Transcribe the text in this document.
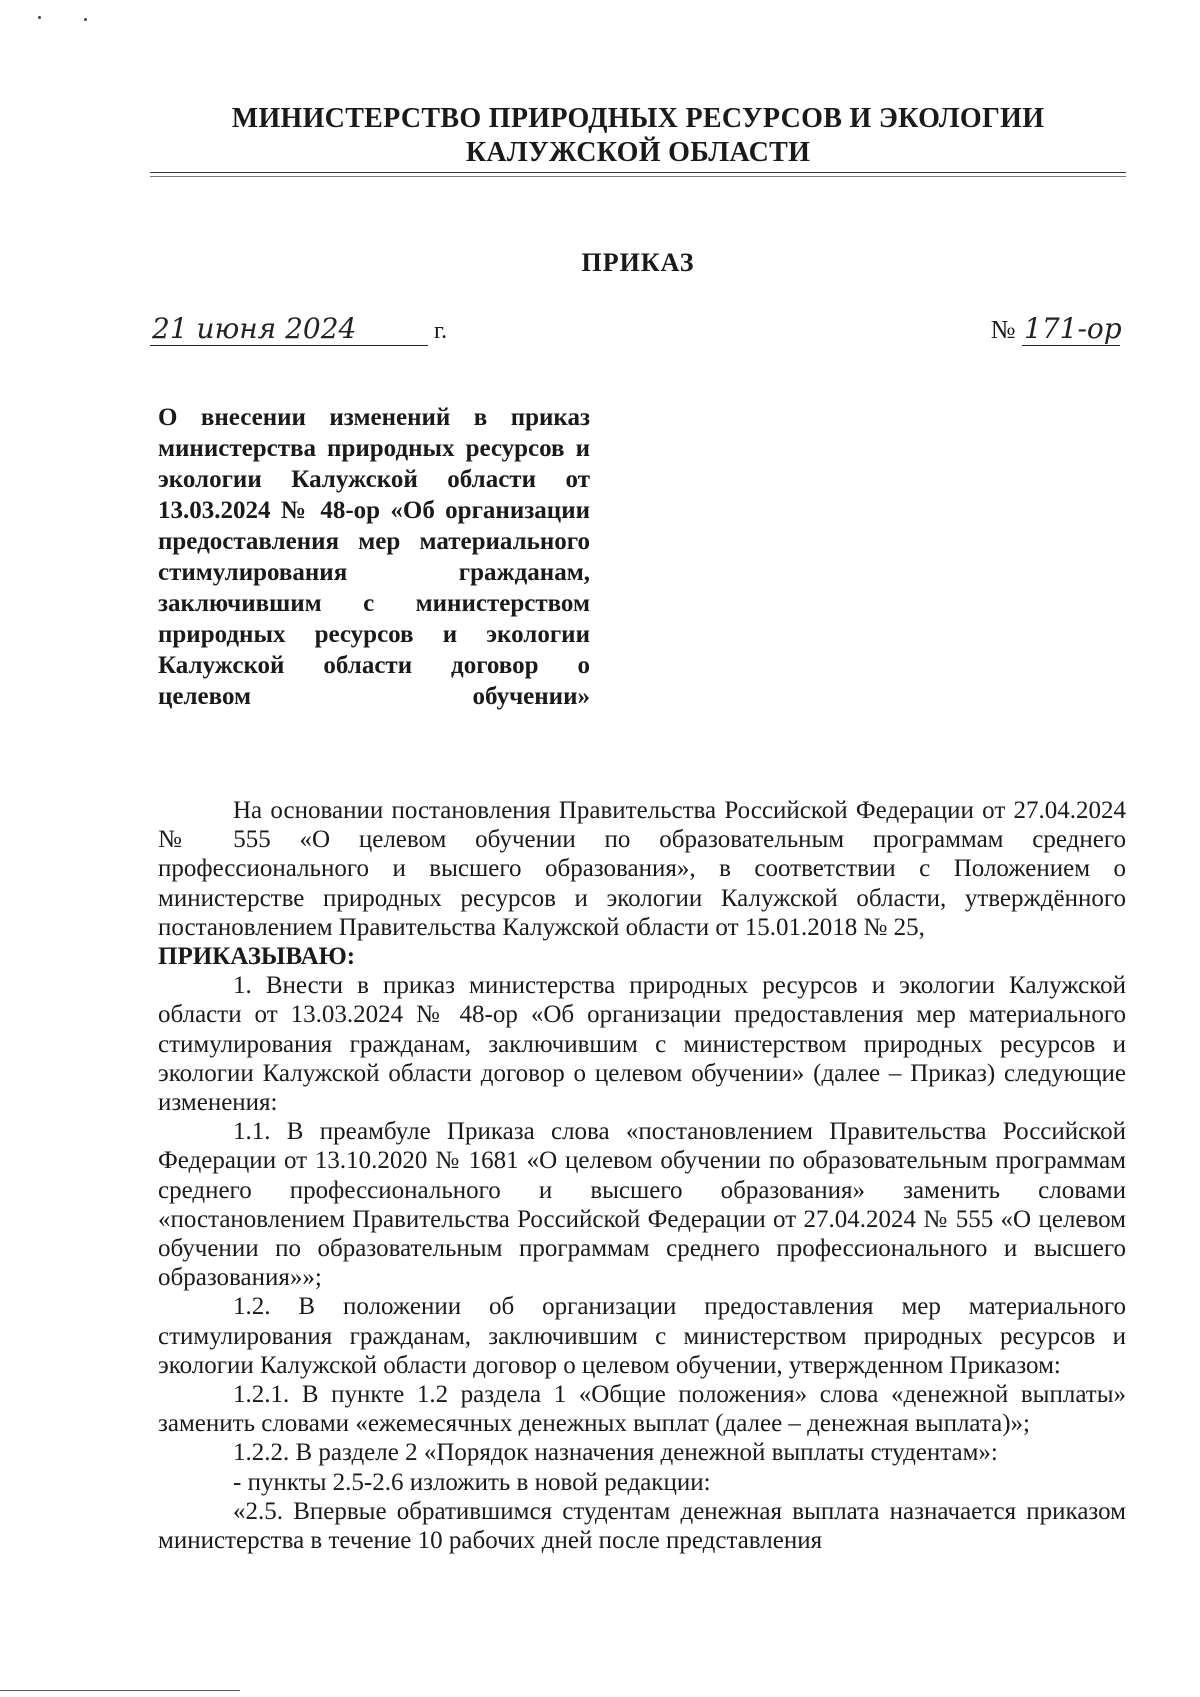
МИНИСТЕРСТВО ПРИРОДНЫХ РЕСУРСОВ И ЭКОЛОГИИ
КАЛУЖСКОЙ ОБЛАСТИ
ПРИКАЗ
21 июня 2024	г.	№ 171-ор
О внесении изменений в приказ министерства природных ресурсов и экологии Калужской области от 13.03.2024 № 48-ор «Об организации предоставления мер материального стимулирования гражданам, заключившим с министерством природных ресурсов и экологии Калужской области договор о целевом обучении»

На основании постановления Правительства Российской Федерации от 27.04.2024 № 555 «О целевом обучении по образовательным программам среднего профессионального и высшего образования», в соответствии с Положением о министерстве природных ресурсов и экологии Калужской области, утверждённого постановлением Правительства Калужской области от 15.01.2018 № 25,

ПРИКАЗЫВАЮ:

1. Внести в приказ министерства природных ресурсов и экологии Калужской области от 13.03.2024 № 48-ор «Об организации предоставления мер материального стимулирования гражданам, заключившим с министерством природных ресурсов и экологии Калужской области договор о целевом обучении» (далее – Приказ) следующие изменения:

1.1. В преамбуле Приказа слова «постановлением Правительства Российской Федерации от 13.10.2020 № 1681 «О целевом обучении по образовательным программам среднего профессионального и высшего образования» заменить словами «постановлением Правительства Российской Федерации от 27.04.2024 № 555 «О целевом обучении по образовательным программам среднего профессионального и высшего образования»»;

1.2. В положении об организации предоставления мер материального стимулирования гражданам, заключившим с министерством природных ресурсов и экологии Калужской области договор о целевом обучении, утвержденном Приказом:

1.2.1. В пункте 1.2 раздела 1 «Общие положения» слова «денежной выплаты» заменить словами «ежемесячных денежных выплат (далее – денежная выплата)»;

1.2.2. В разделе 2 «Порядок назначения денежной выплаты студентам»:

- пункты 2.5-2.6 изложить в новой редакции:

«2.5. Впервые обратившимся студентам денежная выплата назначается приказом министерства в течение 10 рабочих дней после представления
